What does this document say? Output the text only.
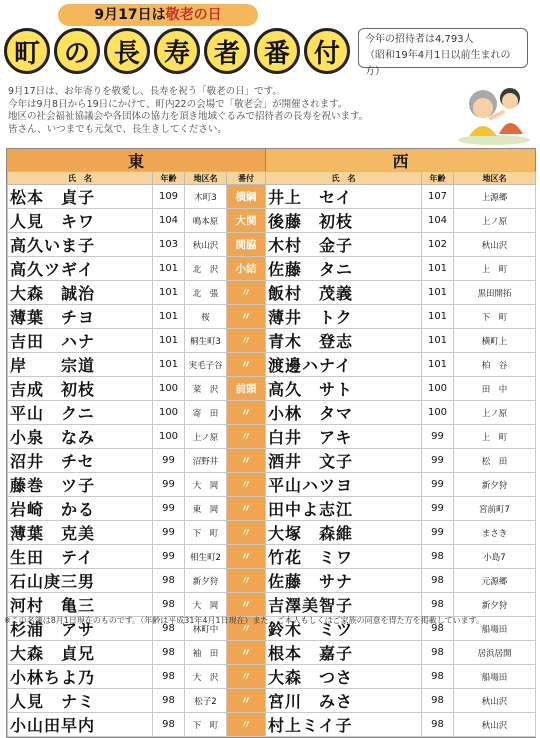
9月17日は敬老の日
町 の 長 寿 者 番 付	今年の招待者は4,793人
（昭和19年4月1日以前生まれの方）
9月17日は、お年寄りを敬愛し、長寿を祝う「敬老の日」です。
今年は9月8日から19日にかけて、町内22の会場で「敬老会」が開催されます。
地区の社会福祉協議会や各団体の協力を頂き地域ぐるみで招待者の長寿を祝います。
皆さん、いつまでも元気で、長生きしてください。
東	西
氏　名	年齢	地区名	番付	氏　名	年齢	地区名
松本　貞子	109	木町3	横綱	井上　セイ	107	上源郷
人見　キワ	104	鳴本原	大関	後藤　初枝	104	上ノ原
高久いま子	103	秋山沢	関脇	木村　金子	102	秋山沢
高久ツギイ	101	北　沢	小結	佐藤　タニ	101	上　町
大森　誠治	101	北　張	〃	飯村　茂義	101	黒田開拓
薄葉　チヨ	101	桜	〃	薄井　トク	101	下　町
吉田　ハナ	101	桐生町3	〃	青木　登志	101	横町上
岸　　宗道	101	実毛子谷	〃	渡邊ハナイ	101	柏　谷
吉成　初枝	100	菜　沢	前頭	高久　サト	100	田　中
平山　クニ	100	寄　田	〃	小林　タマ	100	上ノ原
小泉　なみ	100	上ノ原	〃	白井　アキ	99	上　町
沼井　チセ	99	沼野井	〃	酒井　文子	99	松　田
藤巻　ツ子	99	大　岡	〃	平山ハツヨ	99	新夕狩
岩崎　かる	99	東　岡	〃	田中よ志江	99	宮前町7
薄葉　克美	99	下　町	〃	大塚　森維	99	まさき
生田　テイ	99	相生町2	〃	竹花　ミワ	98	小島7
石山庚三男	98	新夕狩	〃	佐藤　サナ	98	元源郷
河村　亀三	98	大　岡	〃	吉澤美智子	98	新夕狩
杉浦　アサ	98	林町中	〃	鈴木　ミツ	98	船場田
大森　貞兄	98	袖　田	〃	根本　嘉子	98	居浜居開
小林ちよ乃	98	大　沢	〃	大森　つさ	98	船場田
人見　ナミ	98	松子2	〃	宮川　みさ	98	秋山沢
小山田早内	98	下　町	〃	村上ミイ子	98	秋山沢
※この名簿は8月1日現在のものです。（年齢は平成31年4月1日現在）また、ご本人もしくはご家族の同意を得た方を掲載しています。
